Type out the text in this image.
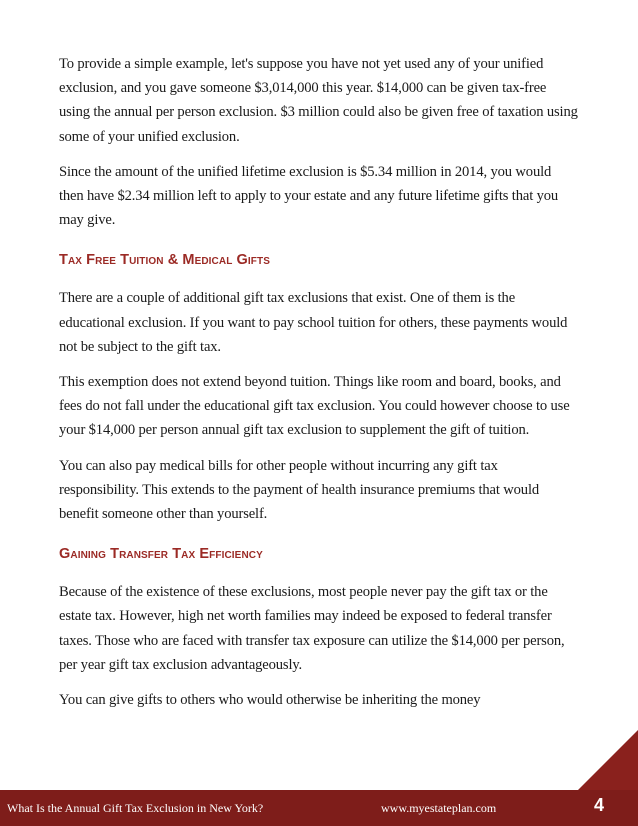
To provide a simple example, let's suppose you have not yet used any of your unified exclusion, and you gave someone $3,014,000 this year. $14,000 can be given tax-free using the annual per person exclusion. $3 million could also be given free of taxation using some of your unified exclusion.

Since the amount of the unified lifetime exclusion is $5.34 million in 2014, you would then have $2.34 million left to apply to your estate and any future lifetime gifts that you may give.

Tax Free Tuition & Medical Gifts

There are a couple of additional gift tax exclusions that exist. One of them is the educational exclusion. If you want to pay school tuition for others, these payments would not be subject to the gift tax.

This exemption does not extend beyond tuition. Things like room and board, books, and fees do not fall under the educational gift tax exclusion. You could however choose to use your $14,000 per person annual gift tax exclusion to supplement the gift of tuition.

You can also pay medical bills for other people without incurring any gift tax responsibility. This extends to the payment of health insurance premiums that would benefit someone other than yourself.

Gaining Transfer Tax Efficiency

Because of the existence of these exclusions, most people never pay the gift tax or the estate tax. However, high net worth families may indeed be exposed to federal transfer taxes. Those who are faced with transfer tax exposure can utilize the $14,000 per person, per year gift tax exclusion advantageously.

You can give gifts to others who would otherwise be inheriting the money

What Is the Annual Gift Tax Exclusion in New York?	www.myestateplan.com	4
